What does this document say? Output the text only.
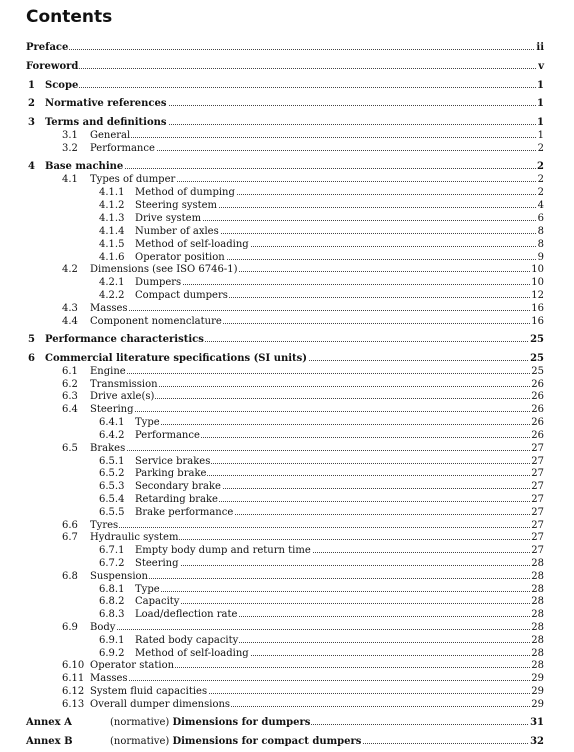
Contents
Preface	ii
Foreword	v
1 Scope	1
2 Normative references	1
3 Terms and definitions	1
3.1 General	1
3.2 Performance	2
4 Base machine	2
4.1 Types of dumper	2
4.1.1 Method of dumping	2
4.1.2 Steering system	4
4.1.3 Drive system	6
4.1.4 Number of axles	8
4.1.5 Method of self-loading	8
4.1.6 Operator position	9
4.2 Dimensions (see ISO 6746-1)	10
4.2.1 Dumpers	10
4.2.2 Compact dumpers	12
4.3 Masses	16
4.4 Component nomenclature	16
5 Performance characteristics	25
6 Commercial literature specifications (SI units)	25
6.1 Engine	25
6.2 Transmission	26
6.3 Drive axle(s)	26
6.4 Steering	26
6.4.1 Type	26
6.4.2 Performance	26
6.5 Brakes	27
6.5.1 Service brakes	27
6.5.2 Parking brake	27
6.5.3 Secondary brake	27
6.5.4 Retarding brake	27
6.5.5 Brake performance	27
6.6 Tyres	27
6.7 Hydraulic system	27
6.7.1 Empty body dump and return time	27
6.7.2 Steering	28
6.8 Suspension	28
6.8.1 Type	28
6.8.2 Capacity	28
6.8.3 Load/deflection rate	28
6.9 Body	28
6.9.1 Rated body capacity	28
6.9.2 Method of self-loading	28
6.10 Operator station	28
6.11 Masses	29
6.12 System fluid capacities	29
6.13 Overall dumper dimensions	29
Annex A	(normative) Dimensions for dumpers	31
Annex B	(normative) Dimensions for compact dumpers	32
